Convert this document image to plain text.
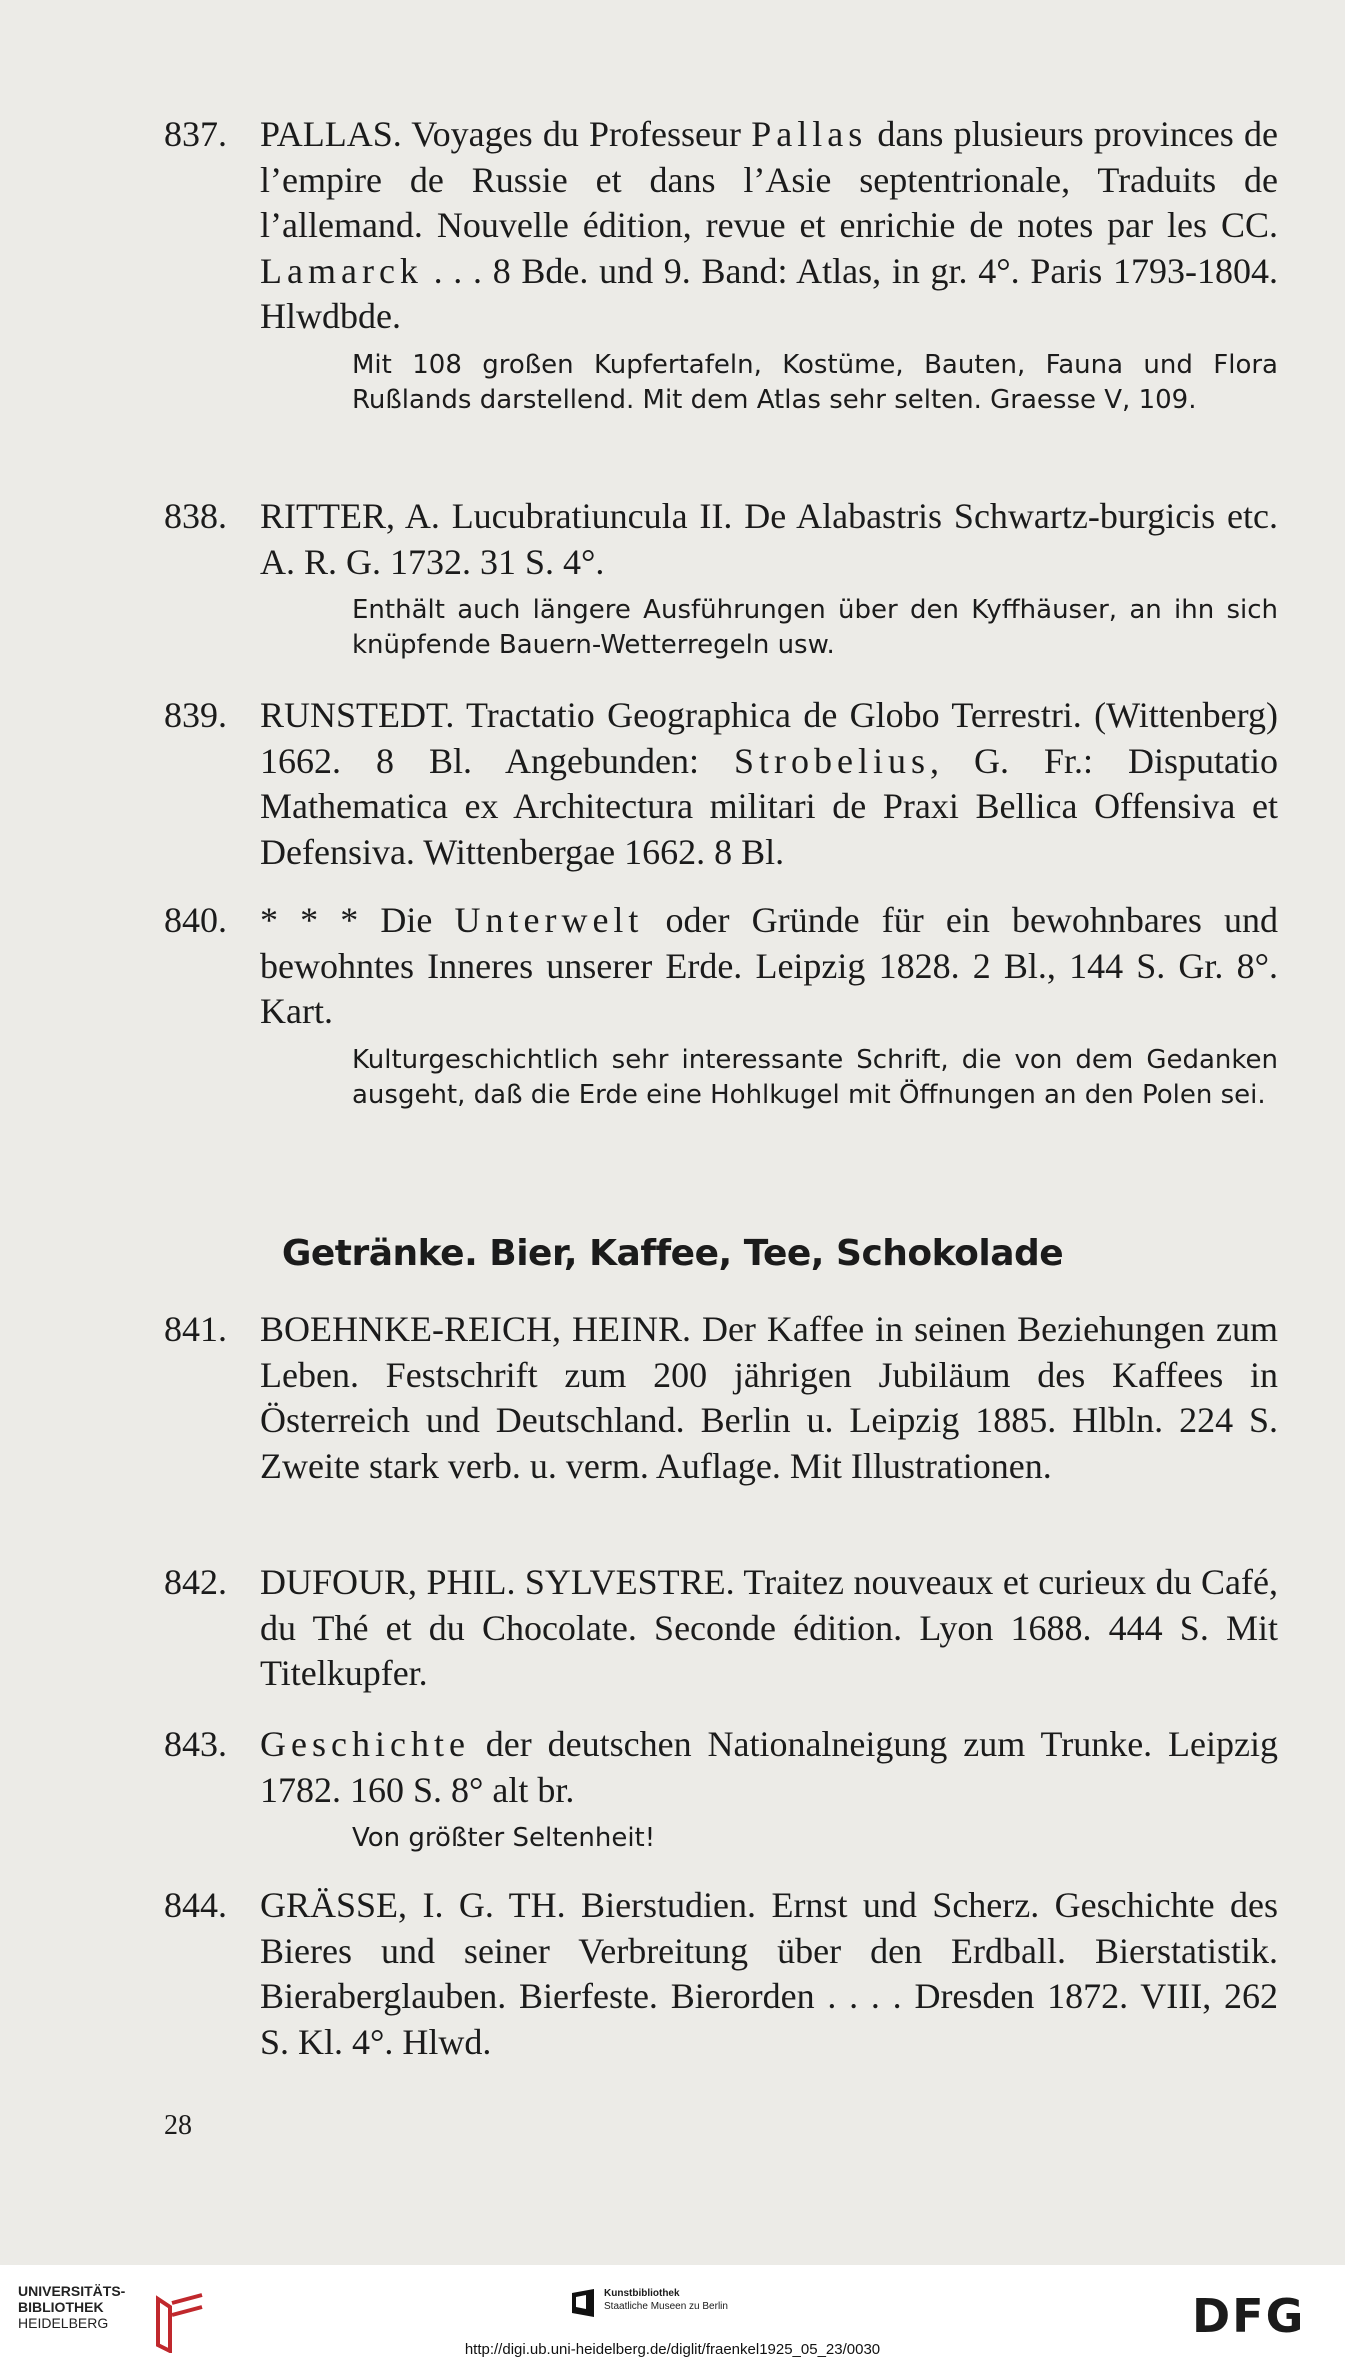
837. PALLAS. Voyages du Professeur Pallas dans plusieurs provinces de l’empire de Russie et dans l’Asie septentrionale, Traduits de l’allemand. Nouvelle édition, revue et enrichie de notes par les CC. Lamarck . . . 8 Bde. und 9. Band: Atlas, in gr. 4°. Paris 1793-1804. Hlwdbde.
Mit 108 großen Kupfertafeln, Kostüme, Bauten, Fauna und Flora Rußlands darstellend. Mit dem Atlas sehr selten. Graesse V, 109.
838. RITTER, A. Lucubratiuncula II. De Alabastris Schwartz-burgicis etc. A. R. G. 1732. 31 S. 4°.
Enthält auch längere Ausführungen über den Kyffhäuser, an ihn sich knüpfende Bauern-Wetterregeln usw.
839. RUNSTEDT. Tractatio Geographica de Globo Terrestri. (Wittenberg) 1662. 8 Bl. Angebunden: Strobelius, G. Fr.: Disputatio Mathematica ex Architectura militari de Praxi Bellica Offensiva et Defensiva. Wittenbergae 1662. 8 Bl.
840. * * * Die Unterwelt oder Gründe für ein bewohnbares und bewohntes Inneres unserer Erde. Leipzig 1828. 2 Bl., 144 S. Gr. 8°. Kart.
Kulturgeschichtlich sehr interessante Schrift, die von dem Gedanken ausgeht, daß die Erde eine Hohlkugel mit Öffnungen an den Polen sei.
Getränke. Bier, Kaffee, Tee, Schokolade
841. BOEHNKE-REICH, HEINR. Der Kaffee in seinen Beziehungen zum Leben. Festschrift zum 200 jährigen Jubiläum des Kaffees in Österreich und Deutschland. Berlin u. Leipzig 1885. Hlbln. 224 S. Zweite stark verb. u. verm. Auflage. Mit Illustrationen.
842. DUFOUR, PHIL. SYLVESTRE. Traitez nouveaux et curieux du Café, du Thé et du Chocolate. Seconde édition. Lyon 1688. 444 S. Mit Titelkupfer.
843. Geschichte der deutschen Nationalneigung zum Trunke. Leipzig 1782. 160 S. 8° alt br.
Von größter Seltenheit!
844. GRÄSSE, I. G. TH. Bierstudien. Ernst und Scherz. Geschichte des Bieres und seiner Verbreitung über den Erdball. Bierstatistik. Bieraberglauben. Bierfeste. Bierorden . . . . Dresden 1872. VIII, 262 S. Kl. 4°. Hlwd.
28
UNIVERSITÄTS-
BIBLIOTHEK
HEIDELBERG
Kunstbibliothek
Staatliche Museen zu Berlin	DFG
http://digi.ub.uni-heidelberg.de/diglit/fraenkel1925_05_23/0030
